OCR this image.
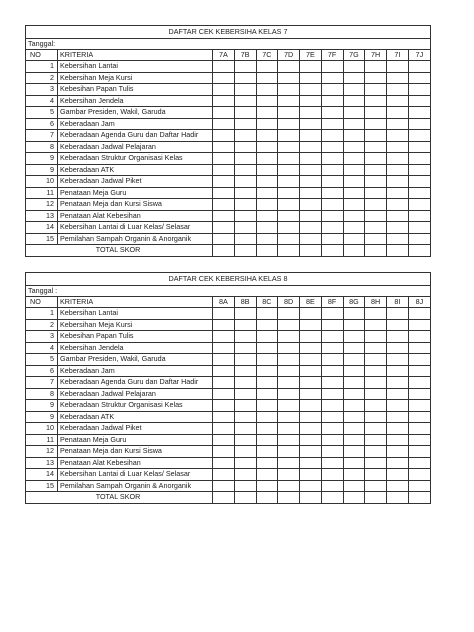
DAFTAR CEK KEBERSIHA KELAS 7
Tanggal:
NO	KRITERIA	7A	7B	7C	7D	7E	7F	7G	7H	7I	7J
1	Kebersihan Lantai										
2	Kebersihan Meja Kursi										
3	Kebesihan Papan Tulis										
4	Kebersihan Jendela										
5	Gambar Presiden, Wakil, Garuda										
6	Keberadaan Jam										
7	Keberadaan Agenda Guru dan Daftar Hadir										
8	Keberadaan Jadwal Pelajaran										
9	Keberadaan Struktur Organisasi Kelas										
9	Keberadaan ATK										
10	Keberadaan Jadwal Piket										
11	Penataan Meja Guru										
12	Penataan Meja dan Kursi Siswa										
13	Penataan Alat Kebesihan										
14	Kebersihan Lantai di Luar Kelas/ Selasar										
15	Pemilahan Sampah Organin & Anorganik										
TOTAL SKOR											
DAFTAR CEK KEBERSIHA KELAS 8
Tanggal :
NO	KRITERIA	8A	8B	8C	8D	8E	8F	8G	8H	8I	8J
1	Kebersihan Lantai										
2	Kebersihan Meja Kursi										
3	Kebesihan Papan Tulis										
4	Kebersihan Jendela										
5	Gambar Presiden, Wakil, Garuda										
6	Keberadaan Jam										
7	Keberadaan Agenda Guru dan Daftar Hadir										
8	Keberadaan Jadwal Pelajaran										
9	Keberadaan Struktur Organisasi Kelas										
9	Keberadaan ATK										
10	Keberadaan Jadwal Piket										
11	Penataan Meja Guru										
12	Penataan Meja dan Kursi Siswa										
13	Penataan Alat Kebesihan										
14	Kebersihan Lantai di Luar Kelas/ Selasar										
15	Pemilahan Sampah Organin & Anorganik										
TOTAL SKOR											
